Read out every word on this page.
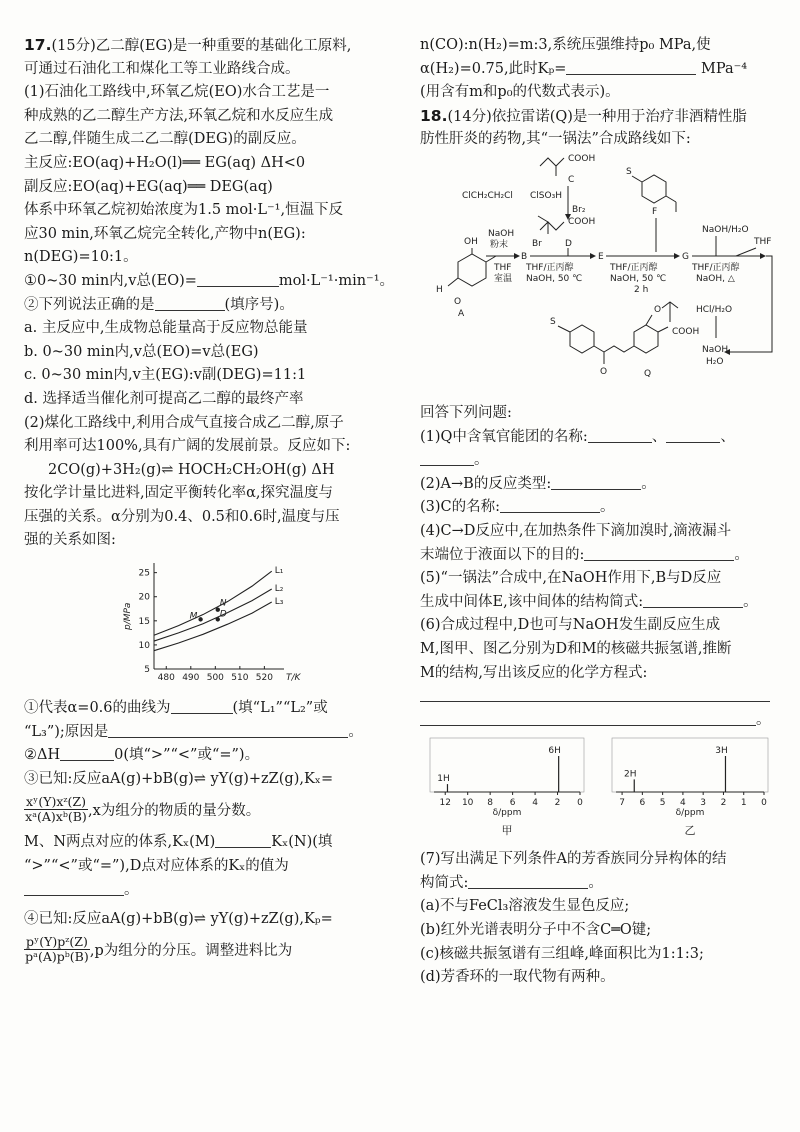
17.(15分)乙二醇(EG)是一种重要的基础化工原料,
可通过石油化工和煤化工等工业路线合成。
(1)石油化工路线中,环氧乙烷(EO)水合工艺是一
种成熟的乙二醇生产方法,环氧乙烷和水反应生成
乙二醇,伴随生成二乙二醇(DEG)的副反应。
主反应:EO(aq)+H₂O(l)══ EG(aq) ΔH<0
副反应:EO(aq)+EG(aq)══ DEG(aq)
体系中环氧乙烷初始浓度为1.5 mol·L⁻¹,恒温下反
应30 min,环氧乙烷完全转化,产物中n(EG):
n(DEG)=10:1。
①0~30 min内,v总(EO)=	mol·L⁻¹·min⁻¹。
②下列说法正确的是	(填序号)。
a. 主反应中,生成物总能量高于反应物总能量
b. 0~30 min内,v总(EO)=v总(EG)
c. 0~30 min内,v主(EG):v副(DEG)=11:1
d. 选择适当催化剂可提高乙二醇的最终产率
(2)煤化工路线中,利用合成气直接合成乙二醇,原子
利用率可达100%,具有广阔的发展前景。反应如下:
2CO(g)+3H₂(g)⇌ HOCH₂CH₂OH(g) ΔH
按化学计量比进料,固定平衡转化率α,探究温度与
压强的关系。α分别为0.4、0.5和0.6时,温度与压
强的关系如图:
480 490 500 510 520
5
10
15
20
25
T/K
p/MPa
L₁
L₂
L₃
M
N
D
①代表α=0.6的曲线为	(填“L₁”“L₂”或
“L₃”);原因是	。
②ΔH	0(填“>”“<”或“=”)。
③已知:反应aA(g)+bB(g)⇌ yY(g)+zZ(g),Kₓ=
$\frac{\text{xʸ(Y)xᶻ(Z)}}{\text{xᵃ(A)xᵇ(B)}} ,x$为组分的物质的量分数。
M、N两点对应的体系,Kₓ(M)	Kₓ(N)(填
“>”“<”或“=”),D点对应体系的Kₓ的值为
。
④已知:反应aA(g)+bB(g)⇌ yY(g)+zZ(g),Kₚ=
$\frac{\text{pʸ(Y)pᶻ(Z)}}{\text{pᵃ(A)pᵇ(B)}} ,p$为组分的分压。调整进料比为
n(CO):n(H₂)=m:3,系统压强维持p₀ MPa,使
α(H₂)=0.75,此时Kₚ=	MPa⁻⁴
(用含有m和p₀的代数式表示)。
18.(14分)依拉雷诺(Q)是一种用于治疗非酒精性脂
肪性肝炎的药物,其“一锅法”合成路线如下:
COOH
C
ClCH₂CH₂Cl ClSO₃H
Br₂
COOH
Br	D
OH
H
O
A
NaOH
粉末
THF
室温
B
THF/正丙醇
NaOH, 50 ℃
E
S
F
THF/正丙醇
NaOH, 50 ℃
2 h
G
NaOH/H₂O
THF
THF/正丙醇
NaOH, △
HCl/H₂O
NaOH
H₂O
S
O
O
COOH
Q
回答下列问题:
(1)Q中含氧官能团的名称:	、	、
。
(2)A→B的反应类型:	。
(3)C的名称:	。
(4)C→D反应中,在加热条件下滴加溴时,滴液漏斗
末端位于液面以下的目的:	。
(5)“一锅法”合成中,在NaOH作用下,B与D反应
生成中间体E,该中间体的结构简式:	。
(6)合成过程中,D也可与NaOH发生副反应生成
M,图甲、图乙分别为D和M的核磁共振氢谱,推断
M的结构,写出该反应的化学方程式:
。
12 10 8 6 4 2 0
1H
6H
δ/ppm
甲
7 6 5 4 3 2 1 0
2H
3H
δ/ppm
乙
(7)写出满足下列条件A的芳香族同分异构体的结
构简式:	。
(a)不与FeCl₃溶液发生显色反应;
(b)红外光谱表明分子中不含C═O键;
(c)核磁共振氢谱有三组峰,峰面积比为1:1:3;
(d)芳香环的一取代物有两种。
